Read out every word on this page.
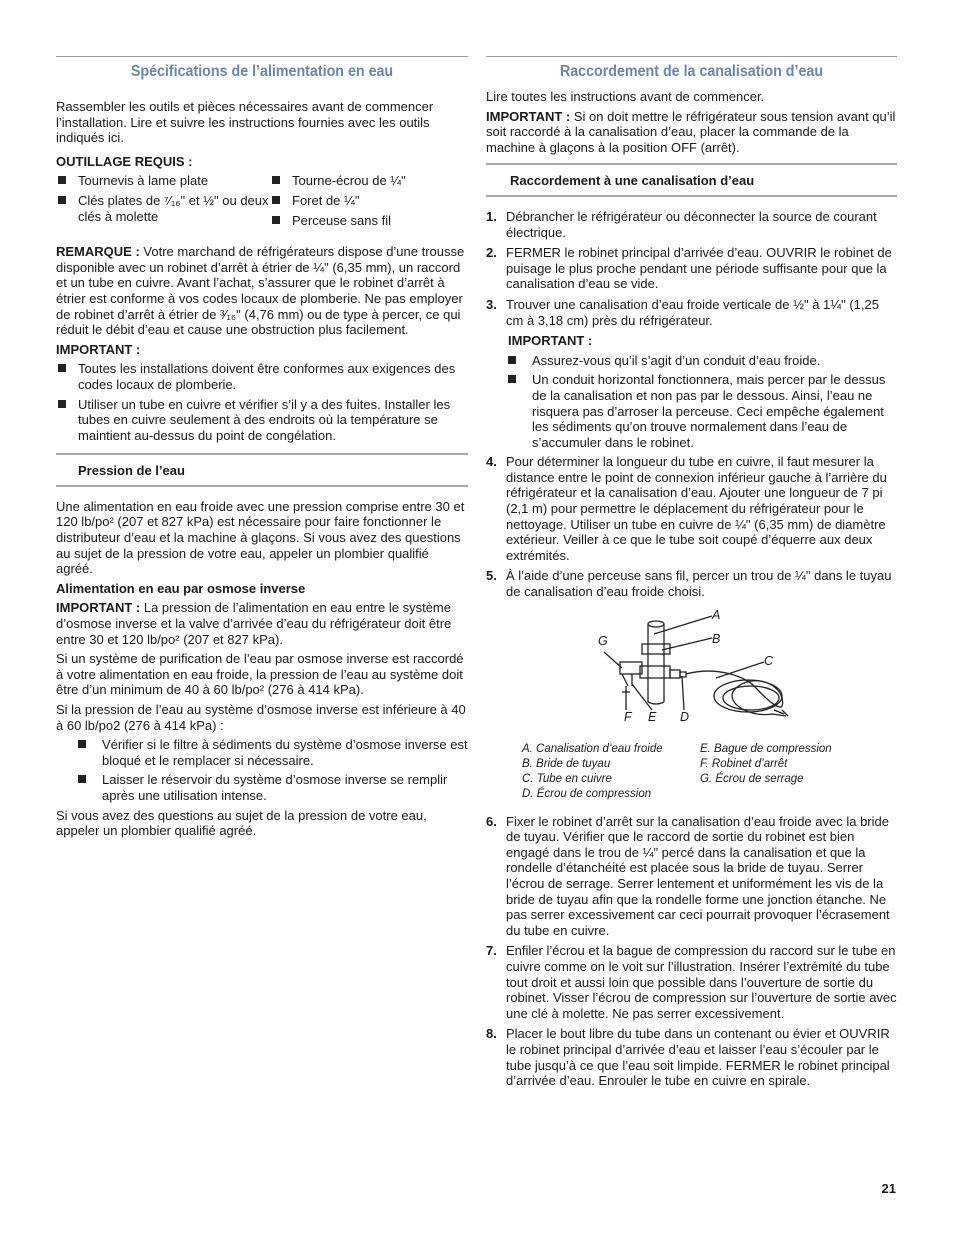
Spécifications de l’alimentation en eau

Rassembler les outils et pièces nécessaires avant de commencer l’installation. Lire et suivre les instructions fournies avec les outils indiqués ici.

OUTILLAGE REQUIS :

Tournevis à lame plate
Clés plates de ⁷⁄₁₆" et ½" ou deux clés à molette
Tourne-écrou de ¼"
Foret de ¼"
Perceuse sans fil

REMARQUE : Votre marchand de réfrigérateurs dispose d’une trousse disponible avec un robinet d’arrêt à étrier de ¼" (6,35 mm), un raccord et un tube en cuivre. Avant l’achat, s’assurer que le robinet d’arrêt à étrier est conforme à vos codes locaux de plomberie. Ne pas employer de robinet d’arrêt à étrier de ³⁄₁₆" (4,76 mm) ou de type à percer, ce qui réduit le débit d’eau et cause une obstruction plus facilement.

IMPORTANT :

Toutes les installations doivent être conformes aux exigences des codes locaux de plomberie.
Utiliser un tube en cuivre et vérifier s’il y a des fuites. Installer les tubes en cuivre seulement à des endroits où la température se maintient au-dessus du point de congélation.
Pression de l’eau

Une alimentation en eau froide avec une pression comprise entre 30 et 120 lb/po² (207 et 827 kPa) est nécessaire pour faire fonctionner le distributeur d’eau et la machine à glaçons. Si vous avez des questions au sujet de la pression de votre eau, appeler un plombier qualifié agréé.

Alimentation en eau par osmose inverse

IMPORTANT : La pression de l’alimentation en eau entre le système d’osmose inverse et la valve d’arrivée d’eau du réfrigérateur doit être entre 30 et 120 lb/po² (207 et 827 kPa).

Si un système de purification de l’eau par osmose inverse est raccordé à votre alimentation en eau froide, la pression de l’eau au système doit être d’un minimum de 40 à 60 lb/po² (276 à 414 kPa).

Si la pression de l’eau au système d’osmose inverse est inférieure à 40 à 60 lb/po2 (276 à 414 kPa) :

Vérifier si le filtre à sédiments du système d’osmose inverse est bloqué et le remplacer si nécessaire.
Laisser le réservoir du système d’osmose inverse se remplir après une utilisation intense.

Si vous avez des questions au sujet de la pression de votre eau, appeler un plombier qualifié agréé.

Raccordement de la canalisation d’eau

Lire toutes les instructions avant de commencer.

IMPORTANT : Si on doit mettre le réfrigérateur sous tension avant qu’il soit raccordé à la canalisation d’eau, placer la commande de la machine à glaçons à la position OFF (arrêt).

Raccordement à une canalisation d’eau
1. Débrancher le réfrigérateur ou déconnecter la source de courant électrique.
2. FERMER le robinet principal d’arrivée d’eau. OUVRIR le robinet de puisage le plus proche pendant une période suffisante pour que la canalisation d’eau se vide.
3. Trouver une canalisation d’eau froide verticale de ½" à 1¼" (1,25 cm à 3,18 cm) près du réfrigérateur.

IMPORTANT :

Assurez-vous qu’il s’agit d’un conduit d’eau froide.
Un conduit horizontal fonctionnera, mais percer par le dessus de la canalisation et non pas par le dessous. Ainsi, l’eau ne risquera pas d’arroser la perceuse. Ceci empêche également les sédiments qu’on trouve normalement dans l’eau de s’accumuler dans le robinet.
4. Pour déterminer la longueur du tube en cuivre, il faut mesurer la distance entre le point de connexion inférieur gauche à l’arrière du réfrigérateur et la canalisation d’eau. Ajouter une longueur de 7 pi (2,1 m) pour permettre le déplacement du réfrigérateur pour le nettoyage. Utiliser un tube en cuivre de ¼" (6,35 mm) de diamètre extérieur. Veiller à ce que le tube soit coupé d’équerre aux deux extrémités.
5. À l’aide d’une perceuse sans fil, percer un trou de ¼" dans le tuyau de canalisation d’eau froide choisi.
A
B
C
D
E
F
G
A. Canalisation d’eau froide
B. Bride de tuyau
C. Tube en cuivre
D. Écrou de compression
E. Bague de compression
F. Robinet d’arrêt
G. Écrou de serrage
6. Fixer le robinet d’arrêt sur la canalisation d’eau froide avec la bride de tuyau. Vérifier que le raccord de sortie du robinet est bien engagé dans le trou de ¼" percé dans la canalisation et que la rondelle d’étanchéité est placée sous la bride de tuyau. Serrer l’écrou de serrage. Serrer lentement et uniformément les vis de la bride de tuyau afin que la rondelle forme une jonction étanche. Ne pas serrer excessivement car ceci pourrait provoquer l’écrasement du tube en cuivre.
7. Enfiler l’écrou et la bague de compression du raccord sur le tube en cuivre comme on le voit sur l’illustration. Insérer l’extrémité du tube tout droit et aussi loin que possible dans l’ouverture de sortie du robinet. Visser l’écrou de compression sur l’ouverture de sortie avec une clé à molette. Ne pas serrer excessivement.
8. Placer le bout libre du tube dans un contenant ou évier et OUVRIR le robinet principal d’arrivée d’eau et laisser l’eau s’écouler par le tube jusqu’à ce que l’eau soit limpide. FERMER le robinet principal d’arrivée d’eau. Enrouler le tube en cuivre en spirale.
21
